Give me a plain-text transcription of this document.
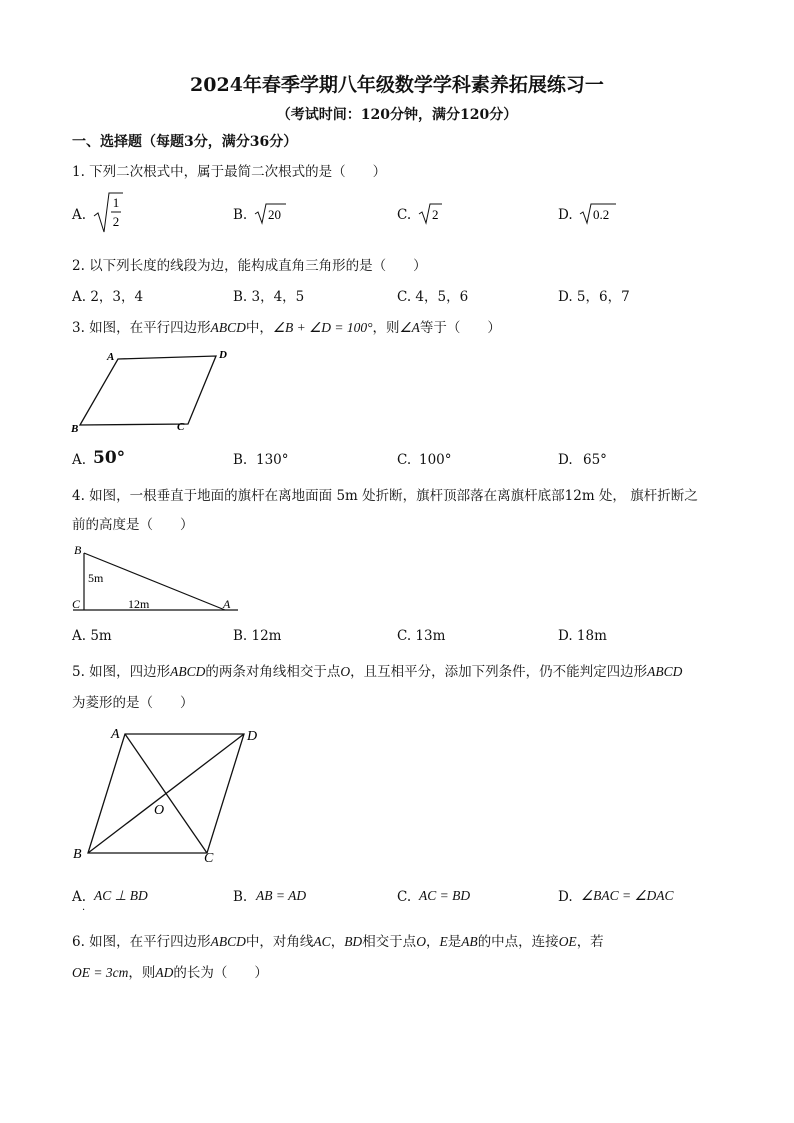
2024年春季学期八年级数学学科素养拓展练习一
（考试时间：120分钟，满分120分）
一、选择题（每题3分，满分36分）
1. 下列二次根式中，属于最简二次根式的是（　　）
A.
1
2	B. 20	C. 2	D. 0.2
2. 以下列长度的线段为边，能构成直角三角形的是（　　）
A. 2，3，4	B. 3，4，5	C. 4，5，6	D. 5，6，7
3. 如图，在平行四边形ABCD中，∠B + ∠D = 100°，则∠A等于（　　）
A	D
B	C
A. 50°	B. 130°	C. 100°	D. 65°
4. 如图，一根垂直于地面的旗杆在离地面面 5m 处折断，旗杆顶部落在离旗杆底部12m 处， 旗杆折断之
前的高度是（　　）
B
5m
C	12m	A
A. 5m	B. 12m	C. 13m	D. 18m
5. 如图，四边形ABCD的两条对角线相交于点O，且互相平分，添加下列条件，仍不能判定四边形ABCD
为菱形的是（　　）
A	D
B	C
O
A. AC ⊥ BD
·
B. AB = AD	C. AC = BD	D. ∠BAC = ∠DAC
6. 如图，在平行四边形ABCD中，对角线AC，BD相交于点O，E是AB的中点，连接OE，若
OE = 3cm，则AD的长为（　　）
